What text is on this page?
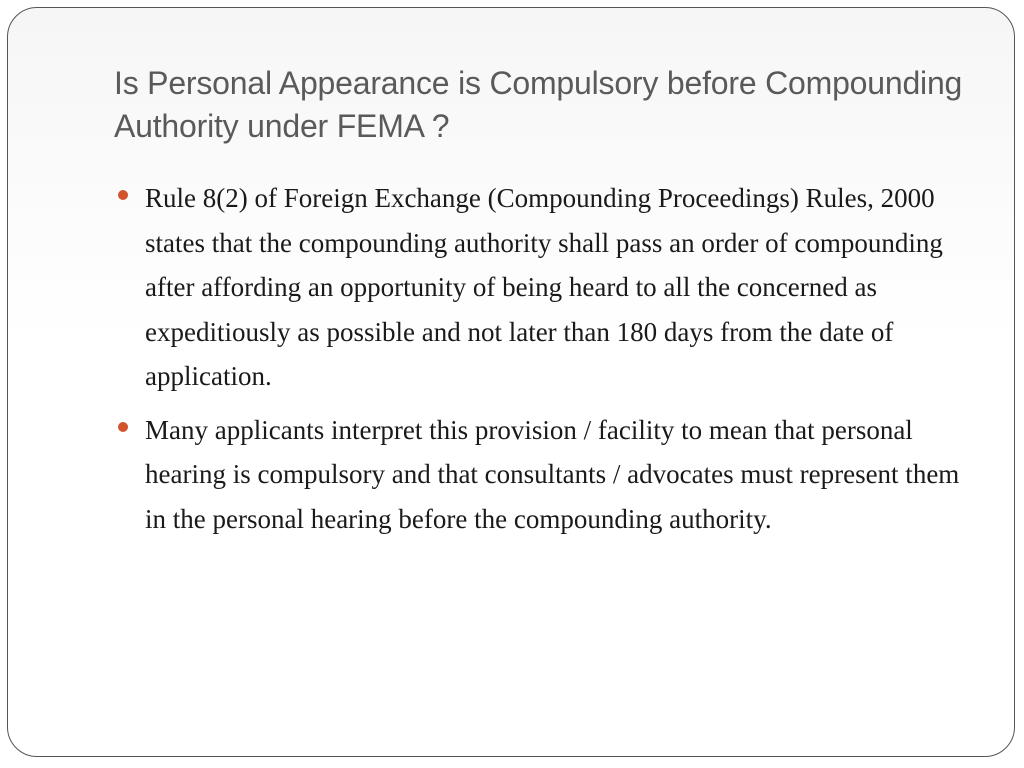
Is Personal Appearance is Compulsory before Compounding Authority under FEMA ?
Rule 8(2) of Foreign Exchange (Compounding Proceedings) Rules, 2000 states that the compounding authority shall pass an order of compounding after affording an opportunity of being heard to all the concerned as expeditiously as possible and not later than 180 days from the date of application.
Many applicants interpret this provision / facility to mean that personal hearing is compulsory and that consultants / advocates must represent them in the personal hearing before the compounding authority.
